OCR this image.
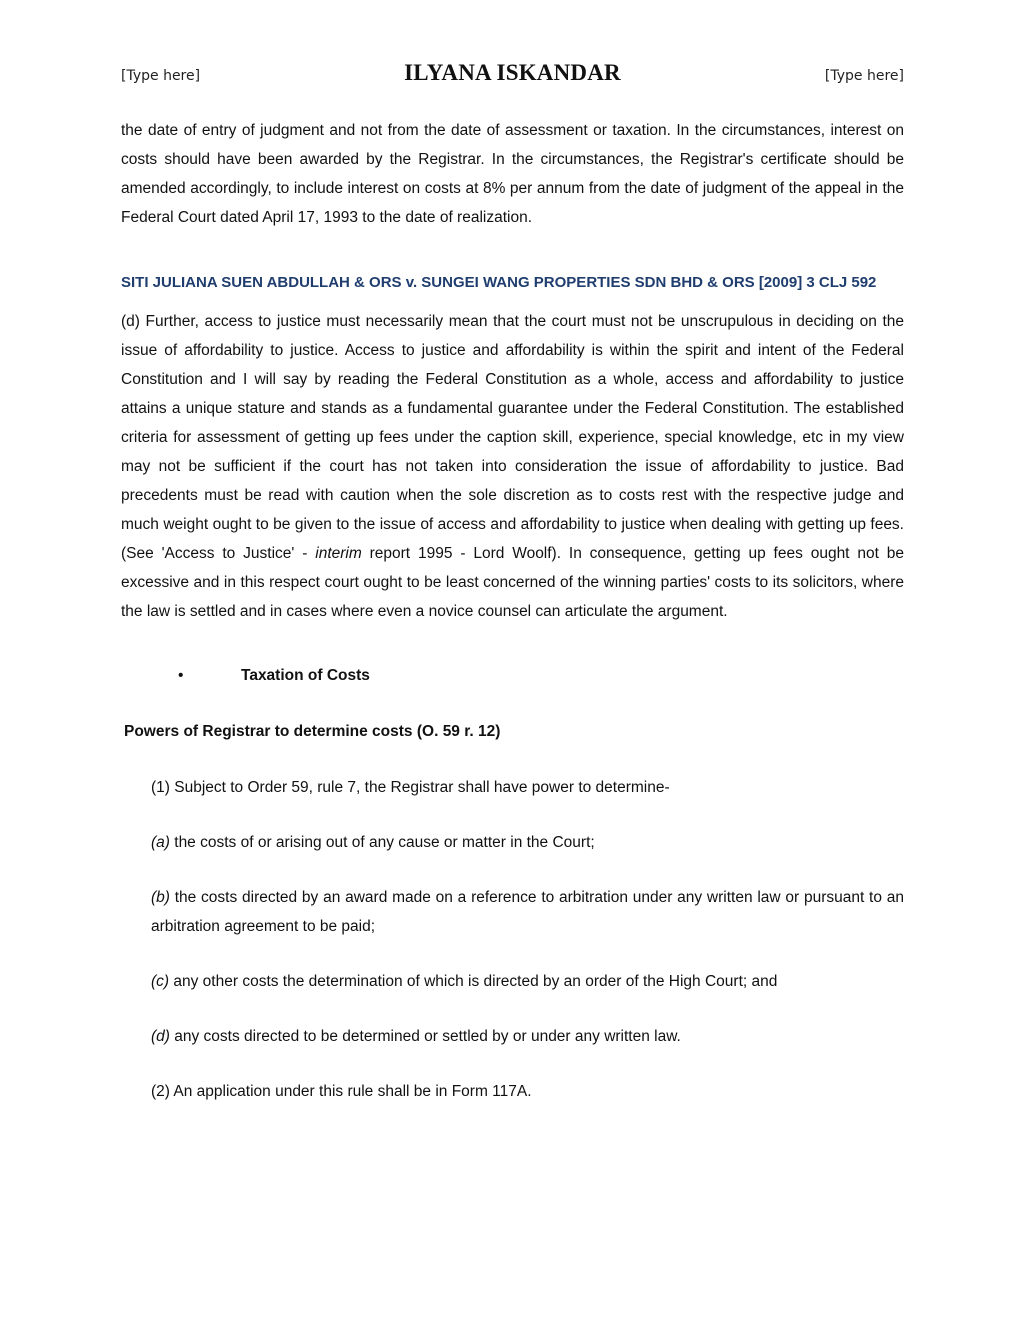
[Type here]	ILYANA ISKANDAR	[Type here]

the date of entry of judgment and not from the date of assessment or taxation. In the circumstances, interest on costs should have been awarded by the Registrar. In the circumstances, the Registrar's certificate should be amended accordingly, to include interest on costs at 8% per annum from the date of judgment of the appeal in the Federal Court dated April 17, 1993 to the date of realization.

SITI JULIANA SUEN ABDULLAH & ORS v. SUNGEI WANG PROPERTIES SDN BHD & ORS [2009] 3 CLJ 592

(d) Further, access to justice must necessarily mean that the court must not be unscrupulous in deciding on the issue of affordability to justice. Access to justice and affordability is within the spirit and intent of the Federal Constitution and I will say by reading the Federal Constitution as a whole, access and affordability to justice attains a unique stature and stands as a fundamental guarantee under the Federal Constitution. The established criteria for assessment of getting up fees under the caption skill, experience, special knowledge, etc in my view may not be sufficient if the court has not taken into consideration the issue of affordability to justice. Bad precedents must be read with caution when the sole discretion as to costs rest with the respective judge and much weight ought to be given to the issue of access and affordability to justice when dealing with getting up fees. (See 'Access to Justice' - interim report 1995 - Lord Woolf). In consequence, getting up fees ought not be excessive and in this respect court ought to be least concerned of the winning parties' costs to its solicitors, where the law is settled and in cases where even a novice counsel can articulate the argument.

•	Taxation of Costs
Powers of Registrar to determine costs (O. 59 r. 12)
(1) Subject to Order 59, rule 7, the Registrar shall have power to determine-
(a) the costs of or arising out of any cause or matter in the Court;
(b) the costs directed by an award made on a reference to arbitration under any written law or pursuant to an arbitration agreement to be paid;
(c) any other costs the determination of which is directed by an order of the High Court; and
(d) any costs directed to be determined or settled by or under any written law.
(2) An application under this rule shall be in Form 117A.
